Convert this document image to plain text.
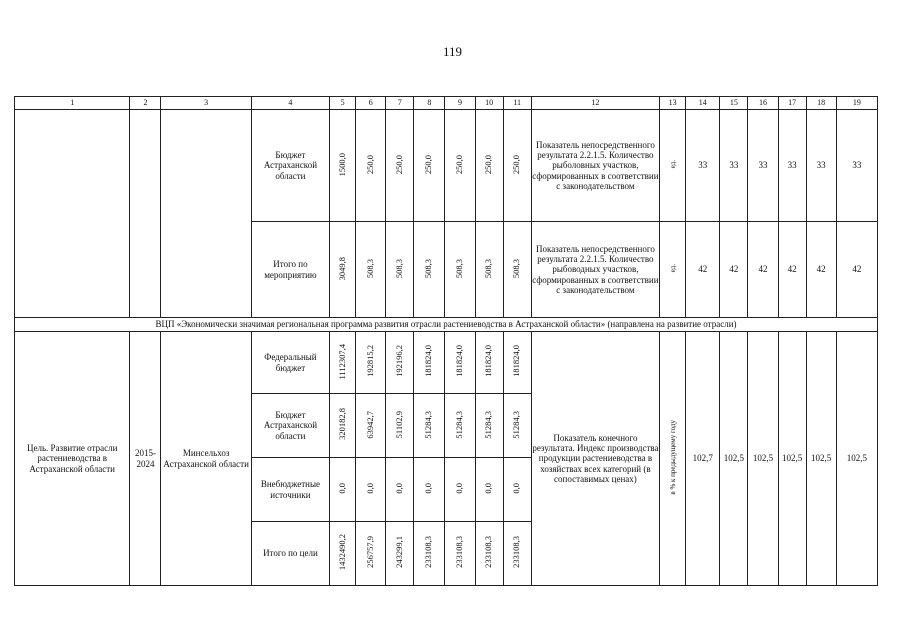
119
1	2	3	4	5	6	7	8	9	10	11	12	13	14	15	16	17	18	19
			Бюджет Астраханской области	1500,0	250,0	250,0	250,0	250,0	250,0	250,0	Показатель непосредственного результата 2.2.1.5. Количество рыболовных участков, сформированных в соответствии с законодательством	ед.	33	33	33	33	33	33
			Итого по мероприятию	3049,8	508,3	508,3	508,3	508,3	508,3	508,3	Показатель непосредственного результата 2.2.1.5. Количество рыбоводных участков, сформированных в соответствии с законодательством	ед.	42	42	42	42	42	42
ВЦП «Экономически значимая региональная программа развития отрасли растениеводства в Астраханской области» (направлена на развитие отрасли)																		
Цель. Развитие отрасли растениеводства в Астраханской области	2015-2024	Минсельхоз Астраханской области	Федеральный бюджет	1112307,4	192815,2	192196,2	181824,0	181824,0	181824,0	181824,0	Показатель конечного результата. Индекс производства продукции растениеводства в хозяйствах всех категорий (в сопоставимых ценах)	в % к предыдущему году	102,7	102,5	102,5	102,5	102,5	102,5
			Бюджет Астраханской области	320182,8	63942,7	51102,9	51284,3	51284,3	51284,3	51284,3								
			Внебюджетные источники	0,0	0,0	0,0	0,0	0,0	0,0	0,0								
			Итого по цели	1432490,2	256757,9	243299,1	233108,3	233108,3	233108,3	233108,3								
